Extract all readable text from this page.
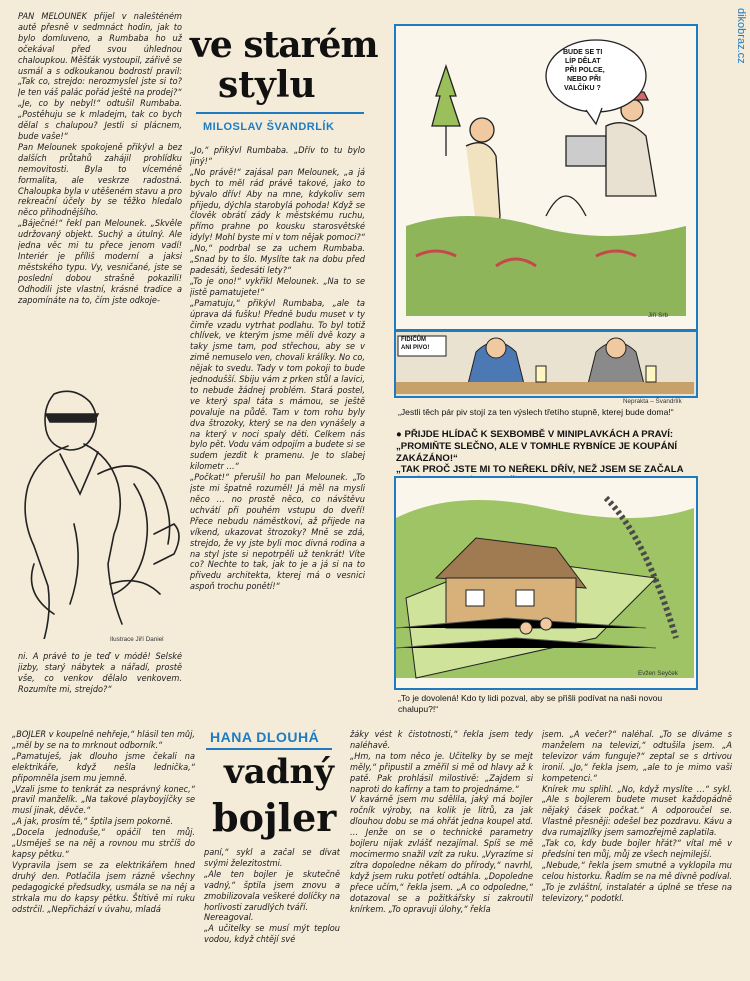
dikobraz.cz
PAN MELOUNEK přijel v nalešténém autě přesně v sedmnáct hodin, jak to bylo domluveno, a Rumbaba ho už očekával před svou úhlednou chaloupkou. Měšťák vystoupil, zářivě se usmál a s odkoukanou bodrostí pravil: „Tak co, strejdo: nerozmyslel jste si to? Je ten váš palác pořád ještě na prodej?“
„Je, co by nebyl!“ odtušil Rumbaba. „Postěhuju se k mladejm, tak co bych dělal s chalupou? Jestli si plácnem, bude vaše!“
Pan Melounek spokojeně přikývl a bez dalších průtahů zahájil prohlídku nemovitosti. Byla to víceméně formalita, ale veskrze radostná. Chaloupka byla v utěšeném stavu a pro rekreační účely by se těžko hledalo něco přihodnějšího.
„Báječné!“ řekl pan Melounek. „Skvěle udržovaný objekt. Suchý a útulný. Ale jedna věc mi tu přece jenom vadí! Interiér je příliš moderní a jaksi městského typu. Vy, vesničané, jste se poslední dobou strašně pokazili! Odhodili jste vlastní, krásné tradice a zapomínáte na to, čím jste odkoje-
Ilustrace Jiří Daniel
ni. A právě to je teď v módě! Selské jizby, starý nábytek a nářadí, prostě vše, co venkov dělalo venkovem. Rozumíte mi, strejdo?“
ve starém
stylu
MILOSLAV ŠVANDRLÍK
„Jo,“ přikývl Rumbaba. „Dřív to tu bylo jiný!“
„No právě!“ zajásal pan Melounek, „a já bych to měl rád právě takové, jako to bývalo dřív! Aby na mne, kdykoliv sem přijedu, dýchla starobylá pohoda! Když se člověk obrátí zády k městskému ruchu, přímo prahne po kousku starosvětské idyly! Mohl byste mi v tom nějak pomoci?“
„No,“ podrbal se za uchem Rumbaba. „Snad by to šlo. Myslíte tak na dobu před padesáti, šedesáti lety?“
„To je ono!“ vykřikl Melounek. „Na to se jistě pamatujete!“
„Pamatuju,“ přikývl Rumbaba, „ale ta úprava dá fušku! Předně budu muset v ty čimře vzadu vytrhat podlahu. To byl totiž chlívek, ve kterým jsme měli dvě kozy a taky jsme tam, pod střechou, aby se v zimě nemuselo ven, chovali králíky. No co, nějak to svedu. Tady v tom pokoji to bude jednodušší. Sbiju vám z prken stůl a lavici, to nebude žádnej problém. Stará postel, ve který spal táta s mámou, se ještě povaluje na půdě. Tam v tom rohu byly dva štrozoky, který se na den vynášely a na který v noci spaly děti. Celkem nás bylo pět. Vodu vám odpojím a budete si se sudem jezdit k pramenu. Je to slabej kilometr …“
„Počkat!“ přerušil ho pan Melounek. „To jste mi špatně rozuměl! Já měl na mysli něco … no prostě něco, co návštěvu uchvátí při pouhém vstupu do dveří! Přece nebudu náměstkovi, až přijede na víkend, ukazovat štrozoky? Mně se zdá, strejdo, že vy jste byli moc divná rodina a na styl jste si nepotrpěli už tenkrát! Víte co? Nechte to tak, jak to je a já si na to přivedu architekta, kterej má o vesnici aspoň trochu ponětí!“
BUDE SE TI
LÍP DĚLAT
PŘI POLCE,
NEBO PŘI
VALČÍKU ?
Jiří Srb
FIDIČŮM
ANI PIVO!
Neprakta – Švandrlík
„Jestli těch pár piv stojí za ten výslech třetího stupně, kterej bude doma!“
● PŘIJDE HLÍDAČ K SEXBOMBĚ V MINIPLAVKÁCH A PRAVÍ: „PROMIŇTE SLEČNO, ALE V TOMHLE RYBNÍCE JE KOUPÁNÍ ZAKÁZÁNO!“
„TAK PROČ JSTE MI TO NEŘEKL DŘÍV, NEŽ JSEM SE ZAČALA

Evžen Seyček
„To je dovolená! Kdo ty lidi pozval, aby se přišli podívat na naši novou chalupu?!“
„BOJLER v koupelně nehřeje,“ hlásil ten můj, „měl by se na to mrknout odborník.“
„Pamatuješ, jak dlouho jsme čekali na elektrikáře, když nešla lednička,“ připomněla jsem mu jemně.
„Vzali jsme to tenkrát za nesprávný konec,“ pravil manželík. „Na takové playboyjíčky se musí jinak, děvče.“
„A jak, prosím tě,“ šptila jsem pokorně.
„Docela jednoduše,“ opáčil ten můj. „Usměješ se na něj a rovnou mu strčíš do kapsy pětku.“
Vypravila jsem se za elektrikářem hned druhý den. Potlačila jsem rázně všechny pedagogické předsudky, usmála se na něj a strkala mu do kapsy pětku. Štítivě mi ruku odstrčil. „Nepřichází v úvahu, mladá
HANA DLOUHÁ
vadný
bojler
paní,“ sykl a začal se dívat svými železitostmi.
„Ale ten bojler je skutečně vadný,“ šptila jsem znovu a zmobilizovala veškeré dolíčky na horlivosti zarudlých tváří.
Nereagoval.
„A učitelky se musí mýt teplou vodou, když chtějí své
žáky vést k čistotnosti,“ řekla jsem tedy naléhavě.
„Hm, na tom něco je. Učitelky by se mejt měly,“ připustil a změřil si mě od hlavy až k patě. Pak prohlásil milostivě: „Zajdem si naproti do kafírny a tam to projednáme.“
V kavárně jsem mu sdělila, jaký má bojler ročník výroby, na kolik je litrů, za jak dlouhou dobu se má ohřát jedna koupel atd. … Jenže on se o technické parametry bojleru nijak zvlášť nezajímal. Spíš se mě mocimermo snažil vzít za ruku. „Vyrazíme si zítra dopoledne někam do přírody,“ navrhl, když jsem ruku potřetí odtáhla. „Dopoledne přece učím,“ řekla jsem. „A co odpoledne,“ dotazoval se a požitkářsky si zakroutil knírkem. „To opravuji úlohy,“ řekla
jsem. „A večer?“ naléhal. „To se díváme s manželem na televizi,“ odtušila jsem. „A televizor vám funguje?“ zeptal se s drtivou ironií. „Jo,“ řekla jsem, „ale to je mimo vaši kompetenci.“
Knírek mu splihl. „No, když myslíte …“ sykl. „Ale s bojlerem budete muset každopádně nějaký čásek počkat.“ A odporoučel se. Vlastně přesněji: odešel bez pozdravu. Kávu a dva rumajzlíky jsem samozřejmě zaplatila.
„Tak co, kdy bude bojler hřát?“ vítal mě v předsíni ten můj, můj ze všech nejmilejší.
„Nebude,“ řekla jsem smutně a vyklopila mu celou historku. Řadím se na mě divně podíval. „To je zvláštní, instalatér a úplně se třese na televizory,“ podotkl.
